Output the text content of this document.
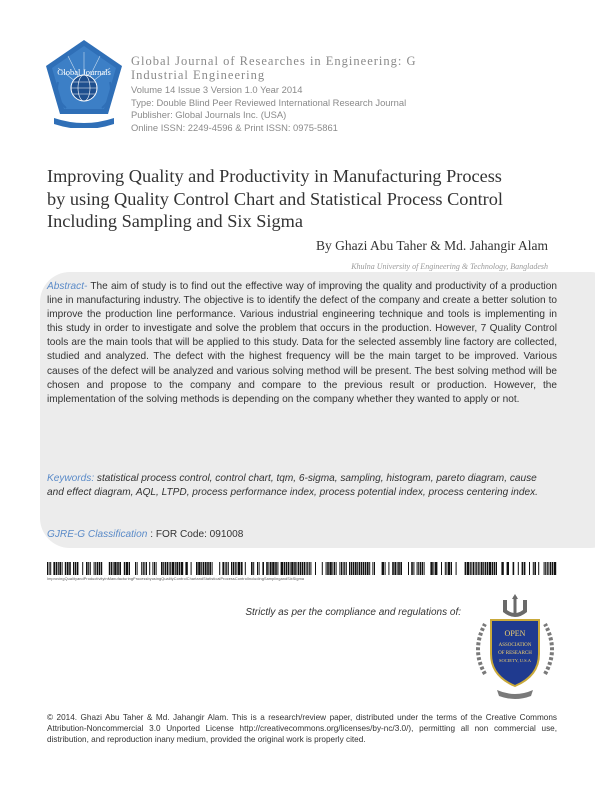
Global Journals
Global Journal of Researches in Engineering: G
Industrial Engineering
Volume 14 Issue 3 Version 1.0 Year 2014
Type: Double Blind Peer Reviewed International Research Journal
Publisher: Global Journals Inc. (USA)
Online ISSN: 2249-4596 & Print ISSN: 0975-5861
Improving Quality and Productivity in Manufacturing Process
by using Quality Control Chart and Statistical Process Control
Including Sampling and Six Sigma
By Ghazi Abu Taher & Md. Jahangir Alam
Khulna University of Engineering & Technology, Bangladesh
Abstract- The aim of study is to find out the effective way of improving the quality and productivity of a production line in manufacturing industry. The objective is to identify the defect of the company and create a better solution to improve the production line performance. Various industrial engineering technique and tools is implementing in this study in order to investigate and solve the problem that occurs in the production. However, 7 Quality Control tools are the main tools that will be applied to this study. Data for the selected assembly line factory are collected, studied and analyzed. The defect with the highest frequency will be the main target to be improved. Various causes of the defect will be analyzed and various solving method will be present. The best solving method will be chosen and propose to the company and compare to the previous result or production. However, the implementation of the solving methods is depending on the company whether they wanted to apply or not.
Keywords: statistical process control, control chart, tqm, 6-sigma, sampling, histogram, pareto diagram, cause and effect diagram, AQL, LTPD, process performance index, process potential index, process centering index.
GJRE-G Classification : FOR Code: 091008
ImprovingQualityandProductivityinManufacturingProcessbyusingQualityControlChartandStatisticalProcessControlIncludingSamplingandSixSigma
Strictly as per the compliance and regulations of:
OPEN
ASSOCIATION
OF RESEARCH
SOCIETY, U.S.A
© 2014. Ghazi Abu Taher & Md. Jahangir Alam. This is a research/review paper, distributed under the terms of the Creative Commons Attribution-Noncommercial 3.0 Unported License http://creativecommons.org/licenses/by-nc/3.0/), permitting all non commercial use, distribution, and reproduction inany medium, provided the original work is properly cited.
